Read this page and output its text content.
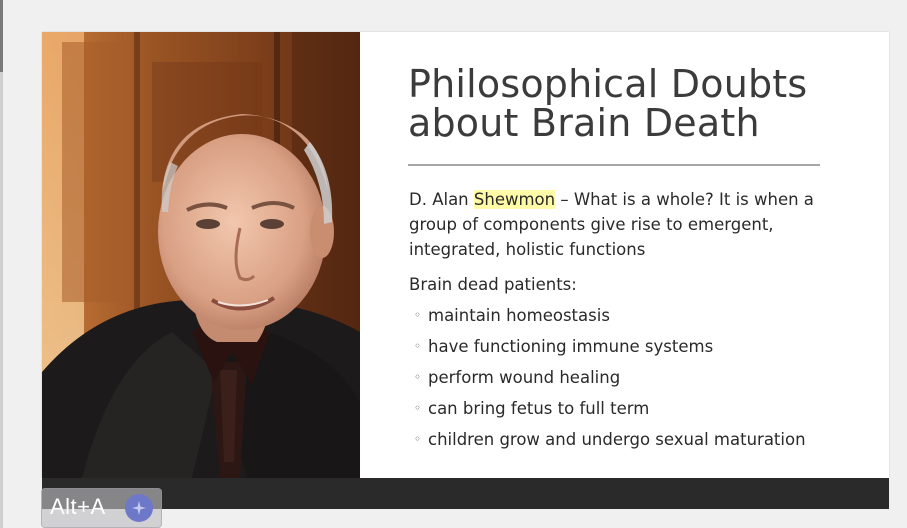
Philosophical Doubts about Brain Death

D. Alan Shewmon – What is a whole? It is when a group of components give rise to emergent, integrated, holistic functions

Brain dead patients:

◦ maintain homeostasis
◦ have functioning immune systems
◦ perform wound healing
◦ can bring fetus to full term
◦ children grow and undergo sexual maturation
Alt+A
